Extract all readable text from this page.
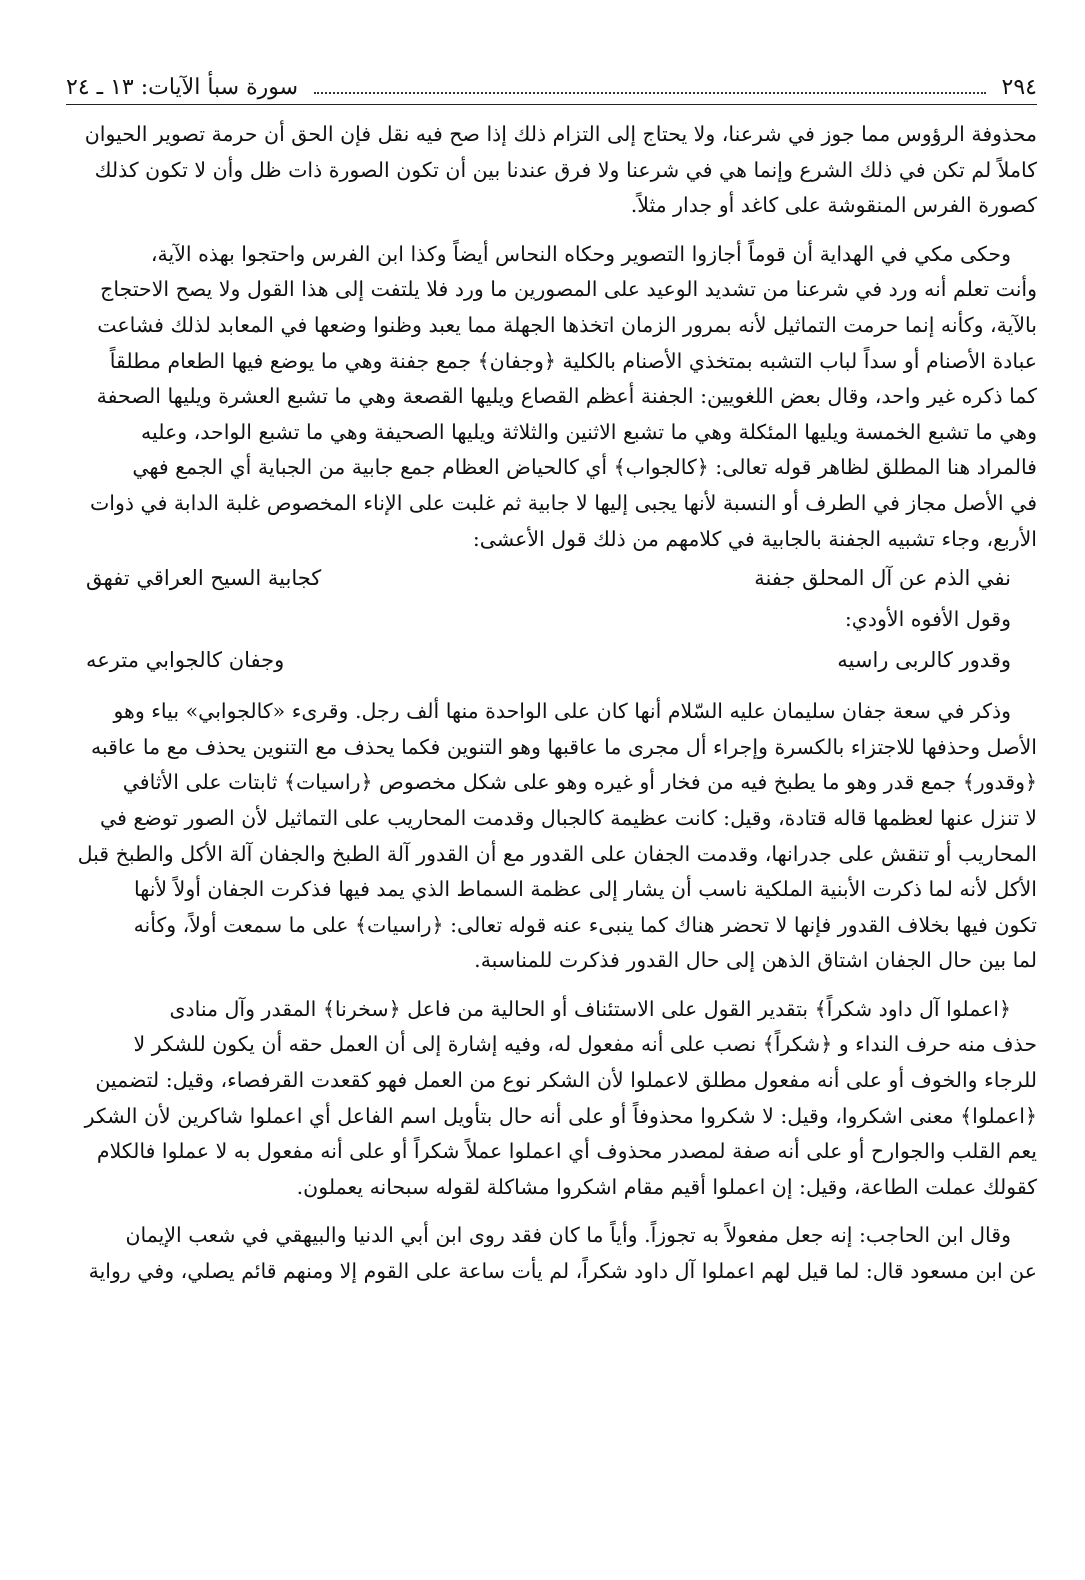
٢٩٤
سورة سبأ الآيات: ١٣ ـ ٢٤

محذوفة الرؤوس مما جوز في شرعنا، ولا يحتاج إلى التزام ذلك إذا صح فيه نقل فإن الحق أن حرمة تصوير الحيوان

كاملاً لم تكن في ذلك الشرع وإنما هي في شرعنا ولا فرق عندنا بين أن تكون الصورة ذات ظل وأن لا تكون كذلك

كصورة الفرس المنقوشة على كاغد أو جدار مثلاً.

وحكى مكي في الهداية أن قوماً أجازوا التصوير وحكاه النحاس أيضاً وكذا ابن الفرس واحتجوا بهذه الآية،

وأنت تعلم أنه ورد في شرعنا من تشديد الوعيد على المصورين ما ورد فلا يلتفت إلى هذا القول ولا يصح الاحتجاج

بالآية، وكأنه إنما حرمت التماثيل لأنه بمرور الزمان اتخذها الجهلة مما يعبد وظنوا وضعها في المعابد لذلك فشاعت

عبادة الأصنام أو سداً لباب التشبه بمتخذي الأصنام بالكلية ﴿وجفان﴾ جمع جفنة وهي ما يوضع فيها الطعام مطلقاً

كما ذكره غير واحد، وقال بعض اللغويين: الجفنة أعظم القصاع ويليها القصعة وهي ما تشبع العشرة ويليها الصحفة

وهي ما تشبع الخمسة ويليها المئكلة وهي ما تشبع الاثنين والثلاثة ويليها الصحيفة وهي ما تشبع الواحد، وعليه

فالمراد هنا المطلق لظاهر قوله تعالى: ﴿كالجواب﴾ أي كالحياض العظام جمع جابية من الجباية أي الجمع فهي

في الأصل مجاز في الطرف أو النسبة لأنها يجبى إليها لا جابية ثم غلبت على الإناء المخصوص غلبة الدابة في ذوات

الأربع، وجاء تشبيه الجفنة بالجابية في كلامهم من ذلك قول الأعشى:

نفي الذم عن آل المحلق جفنة
كجابية السيح العراقي تفهق
وقول الأفوه الأودي:
وقدور كالربى راسيه
وجفان كالجوابي مترعه

وذكر في سعة جفان سليمان عليه السّلام أنها كان على الواحدة منها ألف رجل. وقرىء «كالجوابي» بياء وهو

الأصل وحذفها للاجتزاء بالكسرة وإجراء أل مجرى ما عاقبها وهو التنوين فكما يحذف مع التنوين يحذف مع ما عاقبه

﴿وقدور﴾ جمع قدر وهو ما يطبخ فيه من فخار أو غيره وهو على شكل مخصوص ﴿راسيات﴾ ثابتات على الأثافي

لا تنزل عنها لعظمها قاله قتادة، وقيل: كانت عظيمة كالجبال وقدمت المحاريب على التماثيل لأن الصور توضع في

المحاريب أو تنقش على جدرانها، وقدمت الجفان على القدور مع أن القدور آلة الطبخ والجفان آلة الأكل والطبخ قبل

الأكل لأنه لما ذكرت الأبنية الملكية ناسب أن يشار إلى عظمة السماط الذي يمد فيها فذكرت الجفان أولاً لأنها

تكون فيها بخلاف القدور فإنها لا تحضر هناك كما ينبىء عنه قوله تعالى: ﴿راسيات﴾ على ما سمعت أولاً، وكأنه

لما بين حال الجفان اشتاق الذهن إلى حال القدور فذكرت للمناسبة.

﴿اعملوا آل داود شكراً﴾ بتقدير القول على الاستئناف أو الحالية من فاعل ﴿سخرنا﴾ المقدر وآل منادى

حذف منه حرف النداء و ﴿شكراً﴾ نصب على أنه مفعول له، وفيه إشارة إلى أن العمل حقه أن يكون للشكر لا

للرجاء والخوف أو على أنه مفعول مطلق لاعملوا لأن الشكر نوع من العمل فهو كقعدت القرفصاء، وقيل: لتضمين

﴿اعملوا﴾ معنى اشكروا، وقيل: لا شكروا محذوفاً أو على أنه حال بتأويل اسم الفاعل أي اعملوا شاكرين لأن الشكر

يعم القلب والجوارح أو على أنه صفة لمصدر محذوف أي اعملوا عملاً شكراً أو على أنه مفعول به لا عملوا فالكلام

كقولك عملت الطاعة، وقيل: إن اعملوا أقيم مقام اشكروا مشاكلة لقوله سبحانه يعملون.

وقال ابن الحاجب: إنه جعل مفعولاً به تجوزاً. وأياً ما كان فقد روى ابن أبي الدنيا والبيهقي في شعب الإيمان

عن ابن مسعود قال: لما قيل لهم اعملوا آل داود شكراً، لم يأت ساعة على القوم إلا ومنهم قائم يصلي، وفي رواية
